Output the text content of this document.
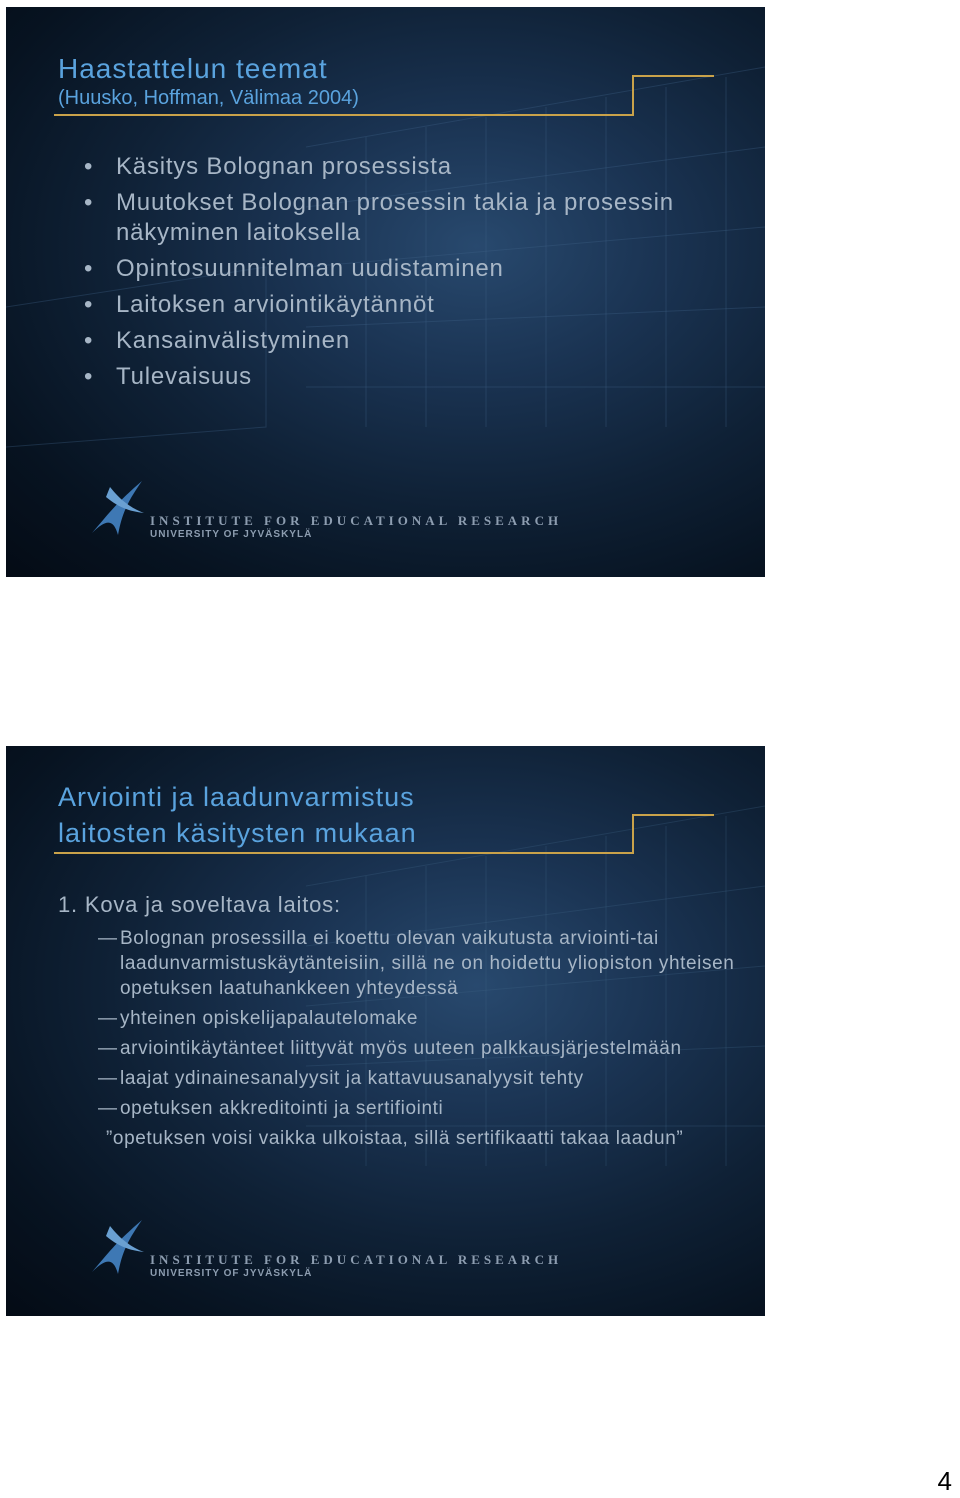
Haastattelun teemat

(Huusko, Hoffman, Välimaa 2004)

• Käsitys Bolognan prosessista
• Muutokset Bolognan prosessin takia ja prosessin näkyminen laitoksella
• Opintosuunnitelman uudistaminen
• Laitoksen arviointikäytännöt
• Kansainvälistyminen
• Tulevaisuus
INSTITUTE FOR EDUCATIONAL RESEARCH
UNIVERSITY OF JYVÄSKYLÄ
Arviointi ja laadunvarmistus
laitosten käsitysten mukaan

1. Kova ja soveltava laitos:

— Bolognan prosessilla ei koettu olevan vaikutusta arviointi-tai laadunvarmistuskäytänteisiin, sillä ne on hoidettu yliopiston yhteisen opetuksen laatuhankkeen yhteydessä
— yhteinen opiskelijapalautelomake
— arviointikäytänteet liittyvät myös uuteen palkkausjärjestelmään
— laajat ydinainesanalyysit ja kattavuusanalyysit tehty
— opetuksen akkreditointi ja sertifiointi
”opetuksen voisi vaikka ulkoistaa, sillä sertifikaatti takaa laadun”
INSTITUTE FOR EDUCATIONAL RESEARCH
UNIVERSITY OF JYVÄSKYLÄ
4
